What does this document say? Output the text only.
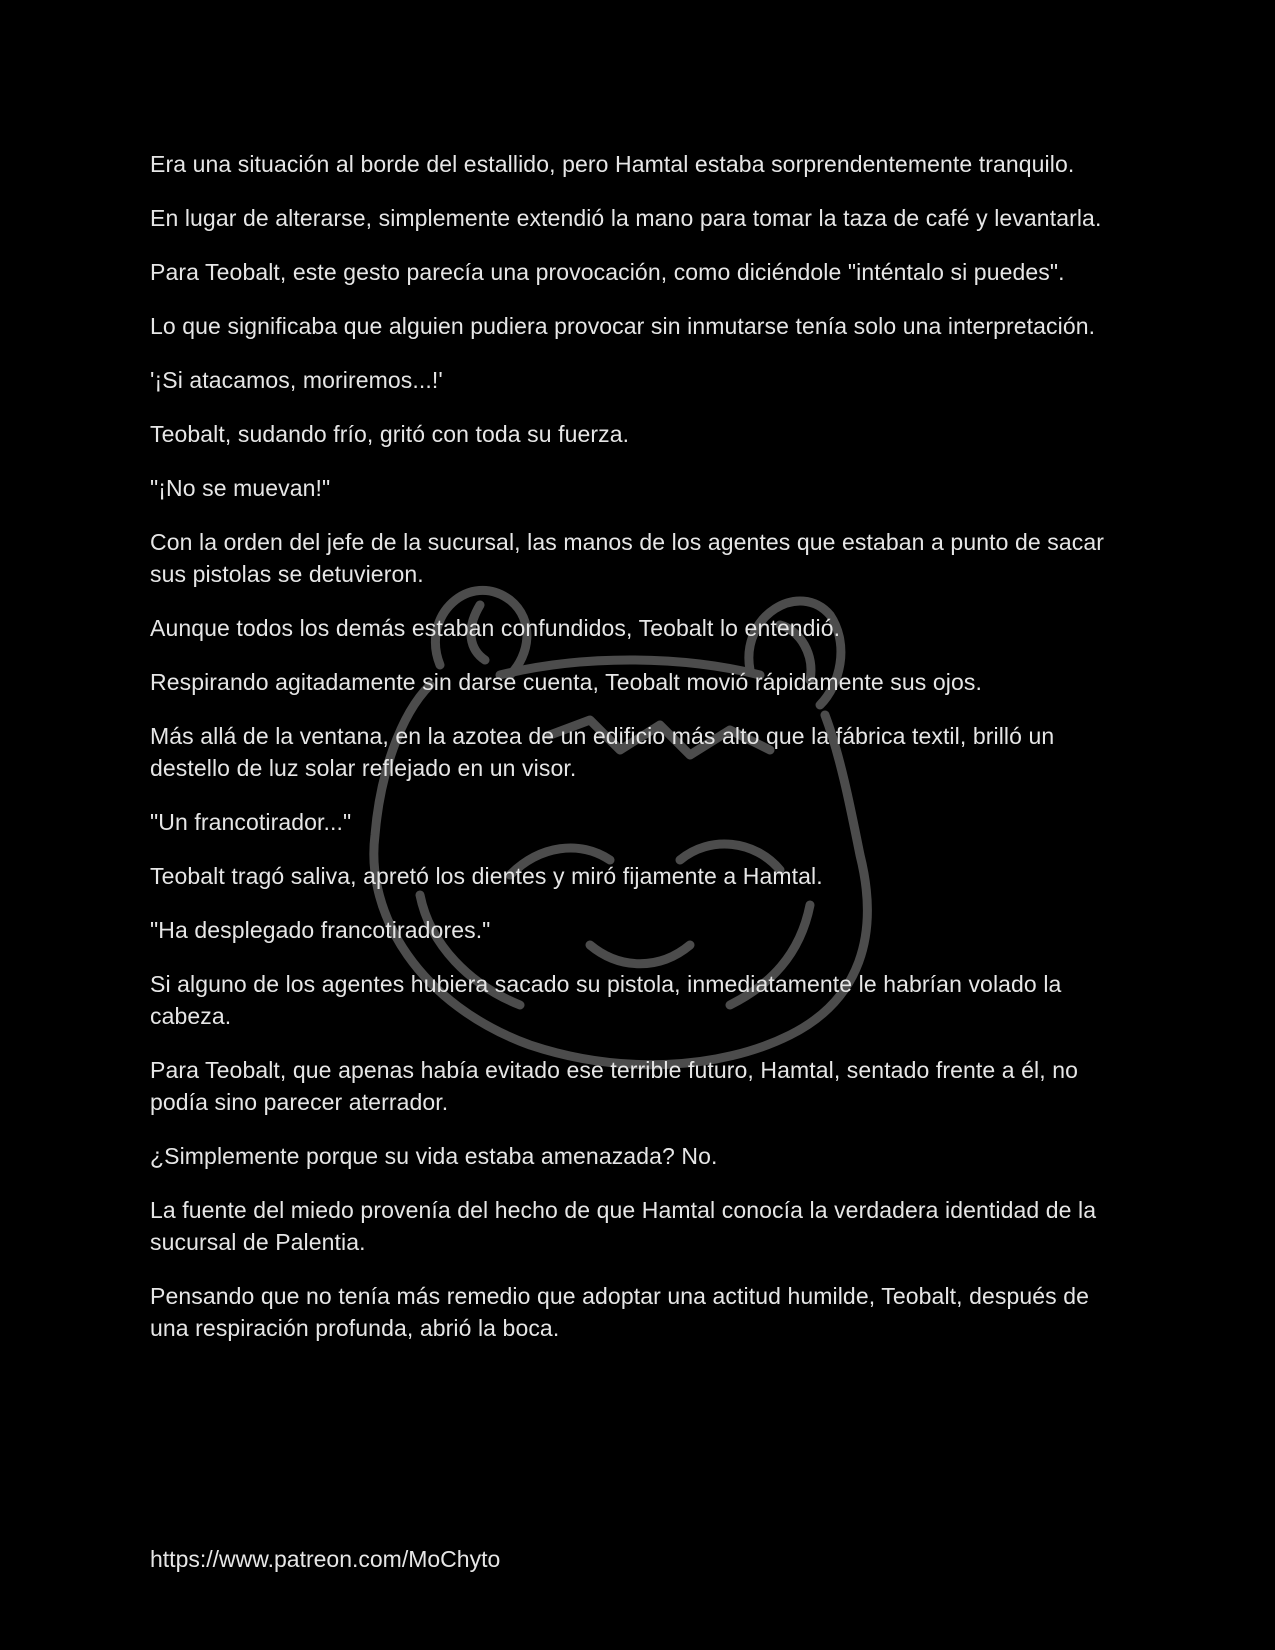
Era una situación al borde del estallido, pero Hamtal estaba sorprendentemente tranquilo.

En lugar de alterarse, simplemente extendió la mano para tomar la taza de café y levantarla.

Para Teobalt, este gesto parecía una provocación, como diciéndole "inténtalo si puedes".

Lo que significaba que alguien pudiera provocar sin inmutarse tenía solo una interpretación.

'¡Si atacamos, moriremos...!'

Teobalt, sudando frío, gritó con toda su fuerza.

"¡No se muevan!"

Con la orden del jefe de la sucursal, las manos de los agentes que estaban a punto de sacar sus pistolas se detuvieron.

Aunque todos los demás estaban confundidos, Teobalt lo entendió.

Respirando agitadamente sin darse cuenta, Teobalt movió rápidamente sus ojos.

Más allá de la ventana, en la azotea de un edificio más alto que la fábrica textil, brilló un destello de luz solar reflejado en un visor.

"Un francotirador..."

Teobalt tragó saliva, apretó los dientes y miró fijamente a Hamtal.

"Ha desplegado francotiradores."

Si alguno de los agentes hubiera sacado su pistola, inmediatamente le habrían volado la cabeza.

Para Teobalt, que apenas había evitado ese terrible futuro, Hamtal, sentado frente a él, no podía sino parecer aterrador.

¿Simplemente porque su vida estaba amenazada? No.

La fuente del miedo provenía del hecho de que Hamtal conocía la verdadera identidad de la sucursal de Palentia.

Pensando que no tenía más remedio que adoptar una actitud humilde, Teobalt, después de una respiración profunda, abrió la boca.

https://www.patreon.com/MoChyto
